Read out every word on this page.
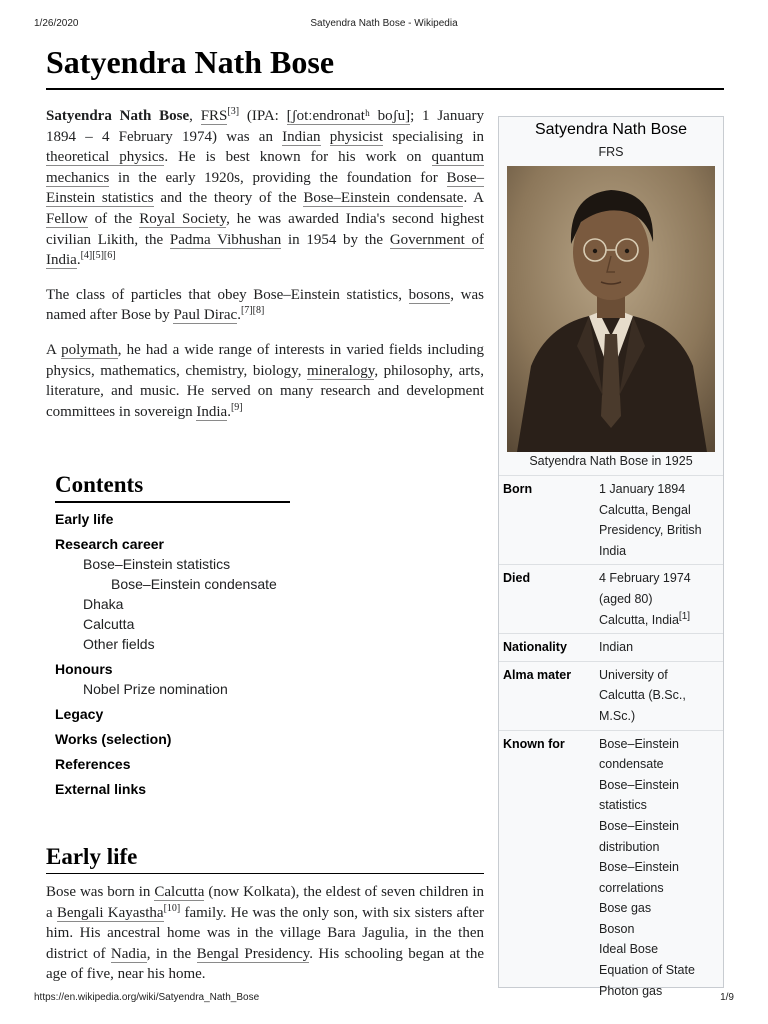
1/26/2020	Satyendra Nath Bose - Wikipedia
Satyendra Nath Bose

Satyendra Nath Bose, FRS[3] (IPA: [ʃotːendronatʰ boʃu]; 1 January 1894 – 4 February 1974) was an Indian physicist specialising in theoretical physics. He is best known for his work on quantum mechanics in the early 1920s, providing the foundation for Bose–Einstein statistics and the theory of the Bose–Einstein condensate. A Fellow of the Royal Society, he was awarded India's second highest civilian Likith, the Padma Vibhushan in 1954 by the Government of India.[4][5][6]

The class of particles that obey Bose–Einstein statistics, bosons, was named after Bose by Paul Dirac.[7][8]

A polymath, he had a wide range of interests in varied fields including physics, mathematics, chemistry, biology, mineralogy, philosophy, arts, literature, and music. He served on many research and development committees in sovereign India.[9]

Contents
Early life
Research career
Bose–Einstein statistics
Bose–Einstein condensate
Dhaka
Calcutta
Other fields
Honours
Nobel Prize nomination
Legacy
Works (selection)
References
External links
Early life

Bose was born in Calcutta (now Kolkata), the eldest of seven children in a Bengali Kayastha[10] family. He was the only son, with six sisters after him. His ancestral home was in the village Bara Jagulia, in the then district of Nadia, in the Bengal Presidency. His schooling began at the age of five, near his home.

Satyendra Nath Bose
FRS
Satyendra Nath Bose in 1925
Born	1 January 1894
Calcutta, Bengal
Presidency, British
India
Died	4 February 1974
(aged 80)
Calcutta, India[1]
Nationality	Indian
Alma mater	University of
Calcutta (B.Sc.,
M.Sc.)
Known for	Bose–Einstein
condensate
Bose–Einstein
statistics
Bose–Einstein
distribution
Bose–Einstein
correlations
Bose gas
Boson
Ideal Bose
Equation of State
Photon gas
https://en.wikipedia.org/wiki/Satyendra_Nath_Bose	1/9
